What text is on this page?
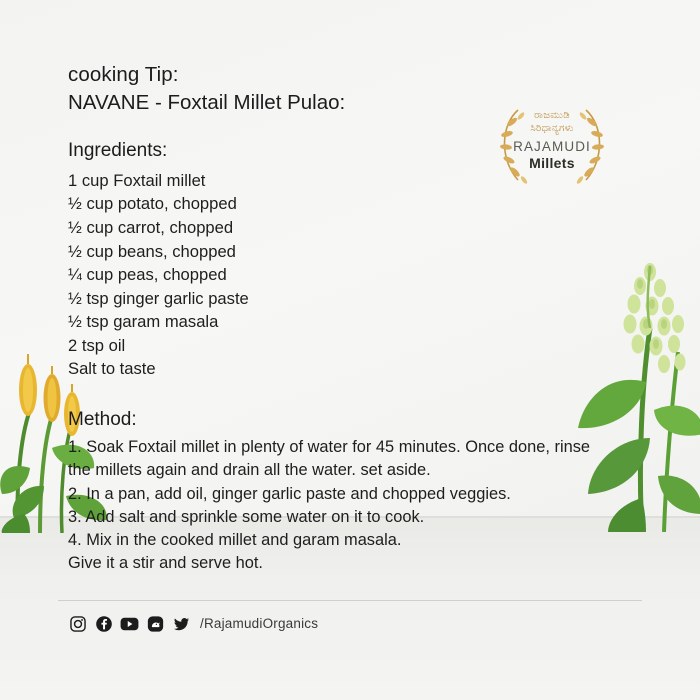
ರಾಜಮುಡಿ
ಸಿರಿಧಾನ್ಯಗಳು
RAJAMUDI
Millets
cooking Tip:
NAVANE - Foxtail Millet Pulao:
Ingredients:
1 cup Foxtail millet
½ cup potato, chopped
½ cup carrot, chopped
½ cup beans, chopped
¼ cup peas, chopped
½ tsp ginger garlic paste
½ tsp garam masala
2 tsp oil
Salt to taste
Method:
1. Soak Foxtail millet in plenty of water for 45 minutes. Once done, rinse the millets again and drain all the water. set aside.
2. In a pan, add oil, ginger garlic paste and chopped veggies.
3. Add salt and sprinkle some water on it to cook.
4. Mix in the cooked millet and garam masala.
Give it a stir and serve hot.
/RajamudiOrganics
